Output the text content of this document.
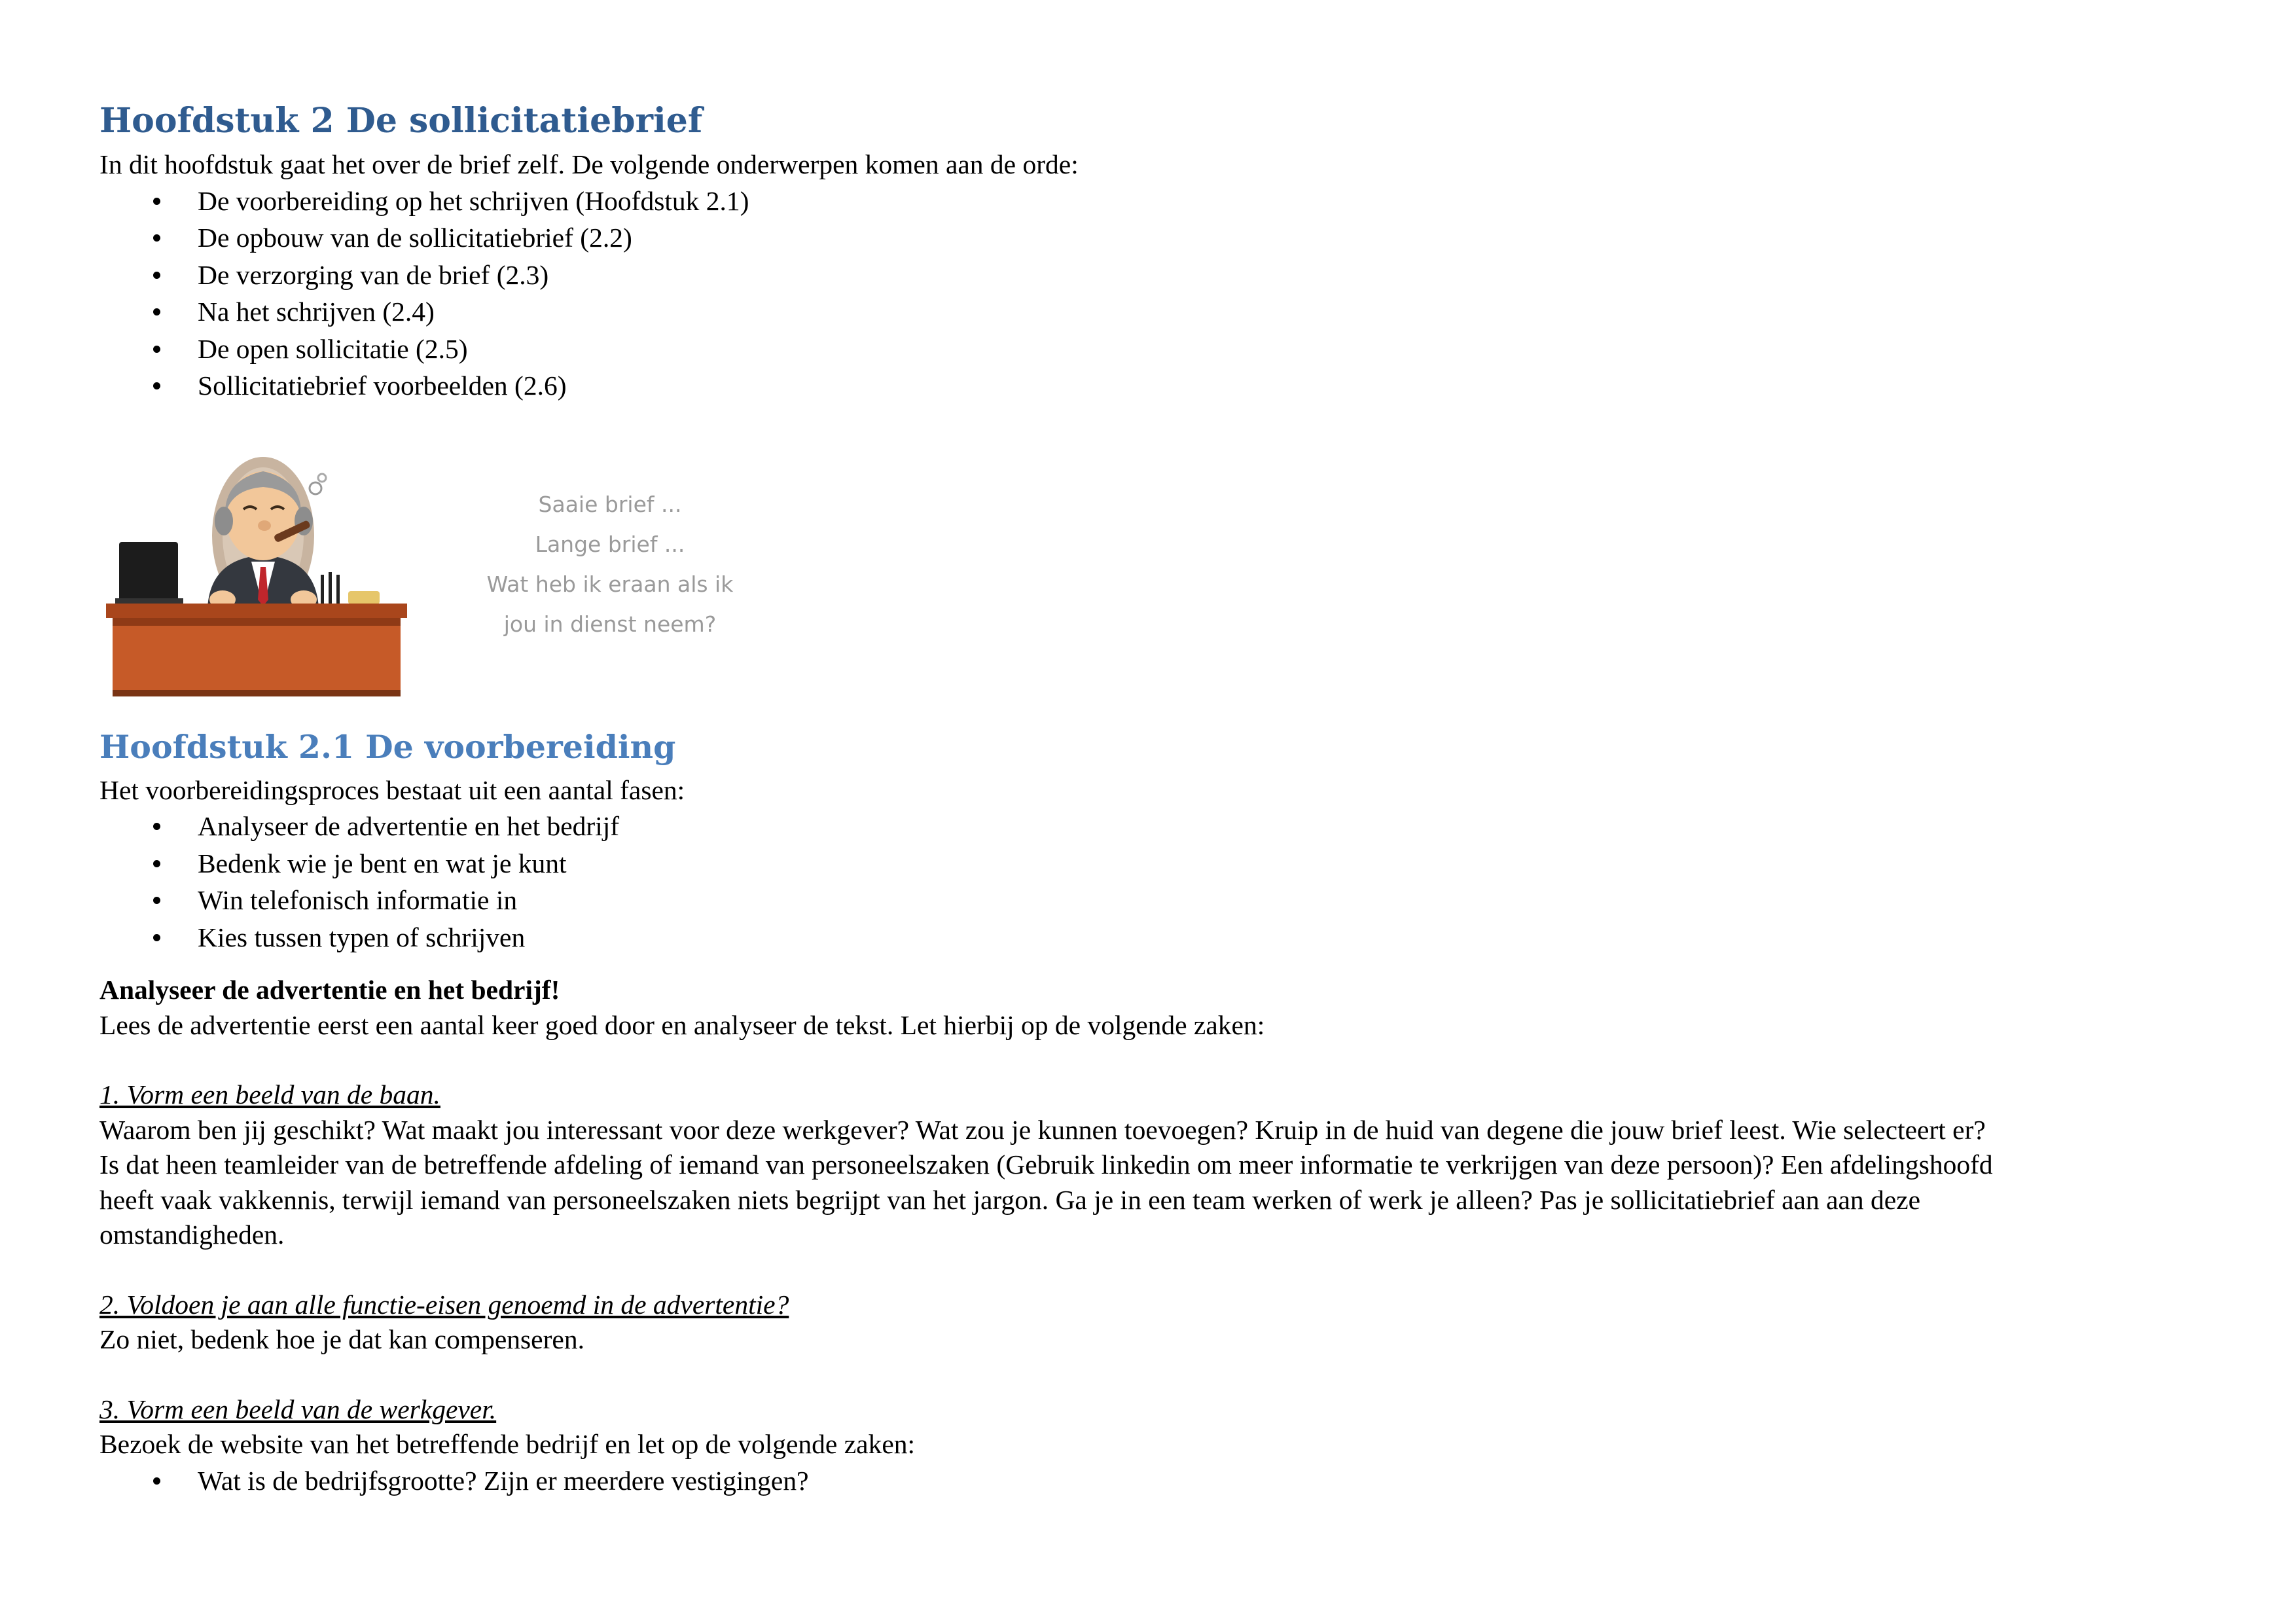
Hoofdstuk 2 De sollicitatiebrief

In dit hoofdstuk gaat het over de brief zelf. De volgende onderwerpen komen aan de orde:

De voorbereiding op het schrijven (Hoofdstuk 2.1)
De opbouw van de sollicitatiebrief (2.2)
De verzorging van de brief (2.3)
Na het schrijven (2.4)
De open sollicitatie (2.5)
Sollicitatiebrief voorbeelden (2.6)
Saaie brief ...
Lange brief ...
Wat heb ik eraan als ik
jou in dienst neem?
Hoofdstuk 2.1 De voorbereiding

Het voorbereidingsproces bestaat uit een aantal fasen:

Analyseer de advertentie en het bedrijf
Bedenk wie je bent en wat je kunt
Win telefonisch informatie in
Kies tussen typen of schrijven

Analyseer de advertentie en het bedrijf!

Lees de advertentie eerst een aantal keer goed door en analyseer de tekst. Let hierbij op de volgende zaken:

1. Vorm een beeld van de baan.

Waarom ben jij geschikt? Wat maakt jou interessant voor deze werkgever? Wat zou je kunnen toevoegen? Kruip in de huid van degene die jouw brief leest. Wie selecteert er?

Is dat heen teamleider van de betreffende afdeling of iemand van personeelszaken (Gebruik linkedin om meer informatie te verkrijgen van deze persoon)? Een afdelingshoofd

heeft vaak vakkennis, terwijl iemand van personeelszaken niets begrijpt van het jargon. Ga je in een team werken of werk je alleen? Pas je sollicitatiebrief aan aan deze

omstandigheden.

2. Voldoen je aan alle functie-eisen genoemd in de advertentie?

Zo niet, bedenk hoe je dat kan compenseren.

3. Vorm een beeld van de werkgever.

Bezoek de website van het betreffende bedrijf en let op de volgende zaken:

Wat is de bedrijfsgrootte? Zijn er meerdere vestigingen?
